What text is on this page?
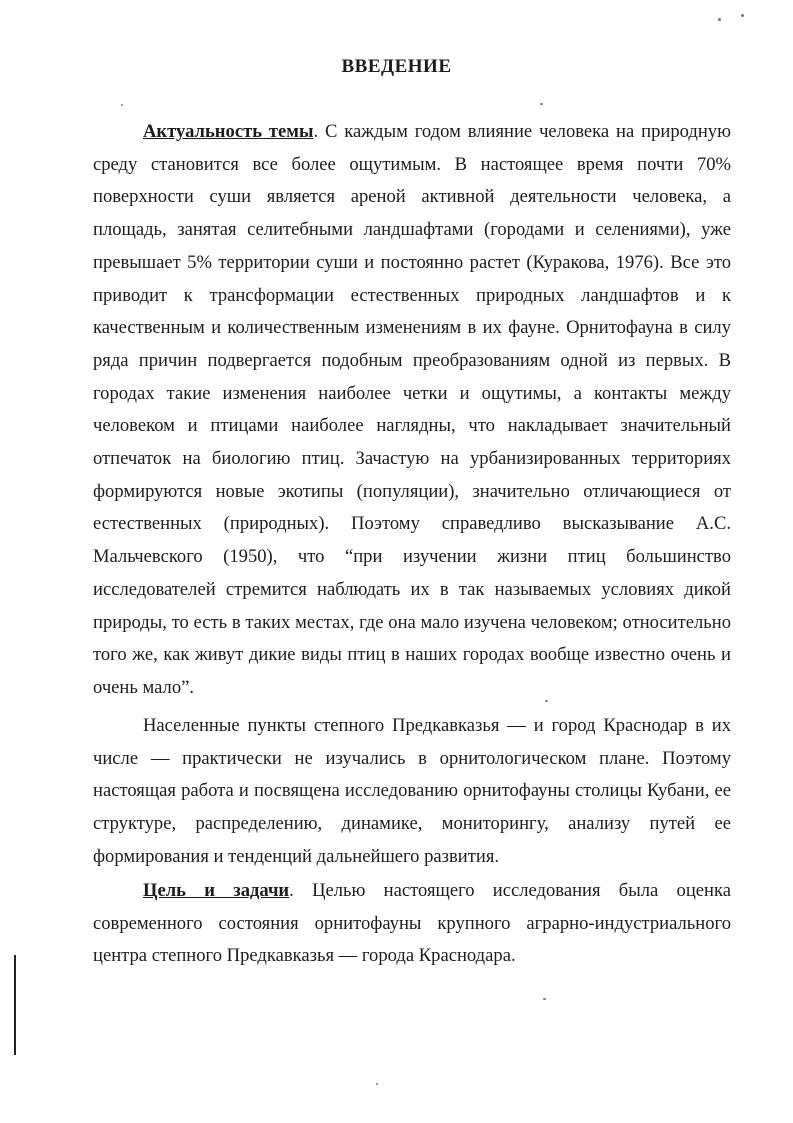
ВВЕДЕНИЕ

Актуальность темы. С каждым годом влияние человека на природную среду становится все более ощутимым. В настоящее время почти 70% поверхности суши является ареной активной деятельности человека, а площадь, занятая селитебными ландшафтами (городами и селениями), уже превышает 5% территории суши и постоянно растет (Куракова, 1976). Все это приводит к трансформации естественных природных ландшафтов и к качественным и количественным изменениям в их фауне. Орнитофауна в силу ряда причин подвергается подобным преобразованиям одной из первых. В городах такие изменения наиболее четки и ощутимы, а контакты между человеком и птицами наиболее наглядны, что накладывает значительный отпечаток на биологию птиц. Зачастую на урбанизированных территориях формируются новые экотипы (популяции), значительно отличающиеся от естественных (природных). Поэтому справедливо высказывание А.С. Мальчевского (1950), что “при изучении жизни птиц большинство исследователей стремится наблюдать их в так называемых условиях дикой природы, то есть в таких местах, где она мало изучена человеком; относительно того же, как живут дикие виды птиц в наших городах вообще известно очень и очень мало”.

Населенные пункты степного Предкавказья — и город Краснодар в их числе — практически не изучались в орнитологическом плане. Поэтому настоящая работа и посвящена исследованию орнитофауны столицы Кубани, ее структуре, распределению, динамике, мониторингу, анализу путей ее формирования и тенденций дальнейшего развития.

Цель и задачи. Целью настоящего исследования была оценка современного состояния орнитофауны крупного аграрно-индустриального центра степного Предкавказья — города Краснодара.
